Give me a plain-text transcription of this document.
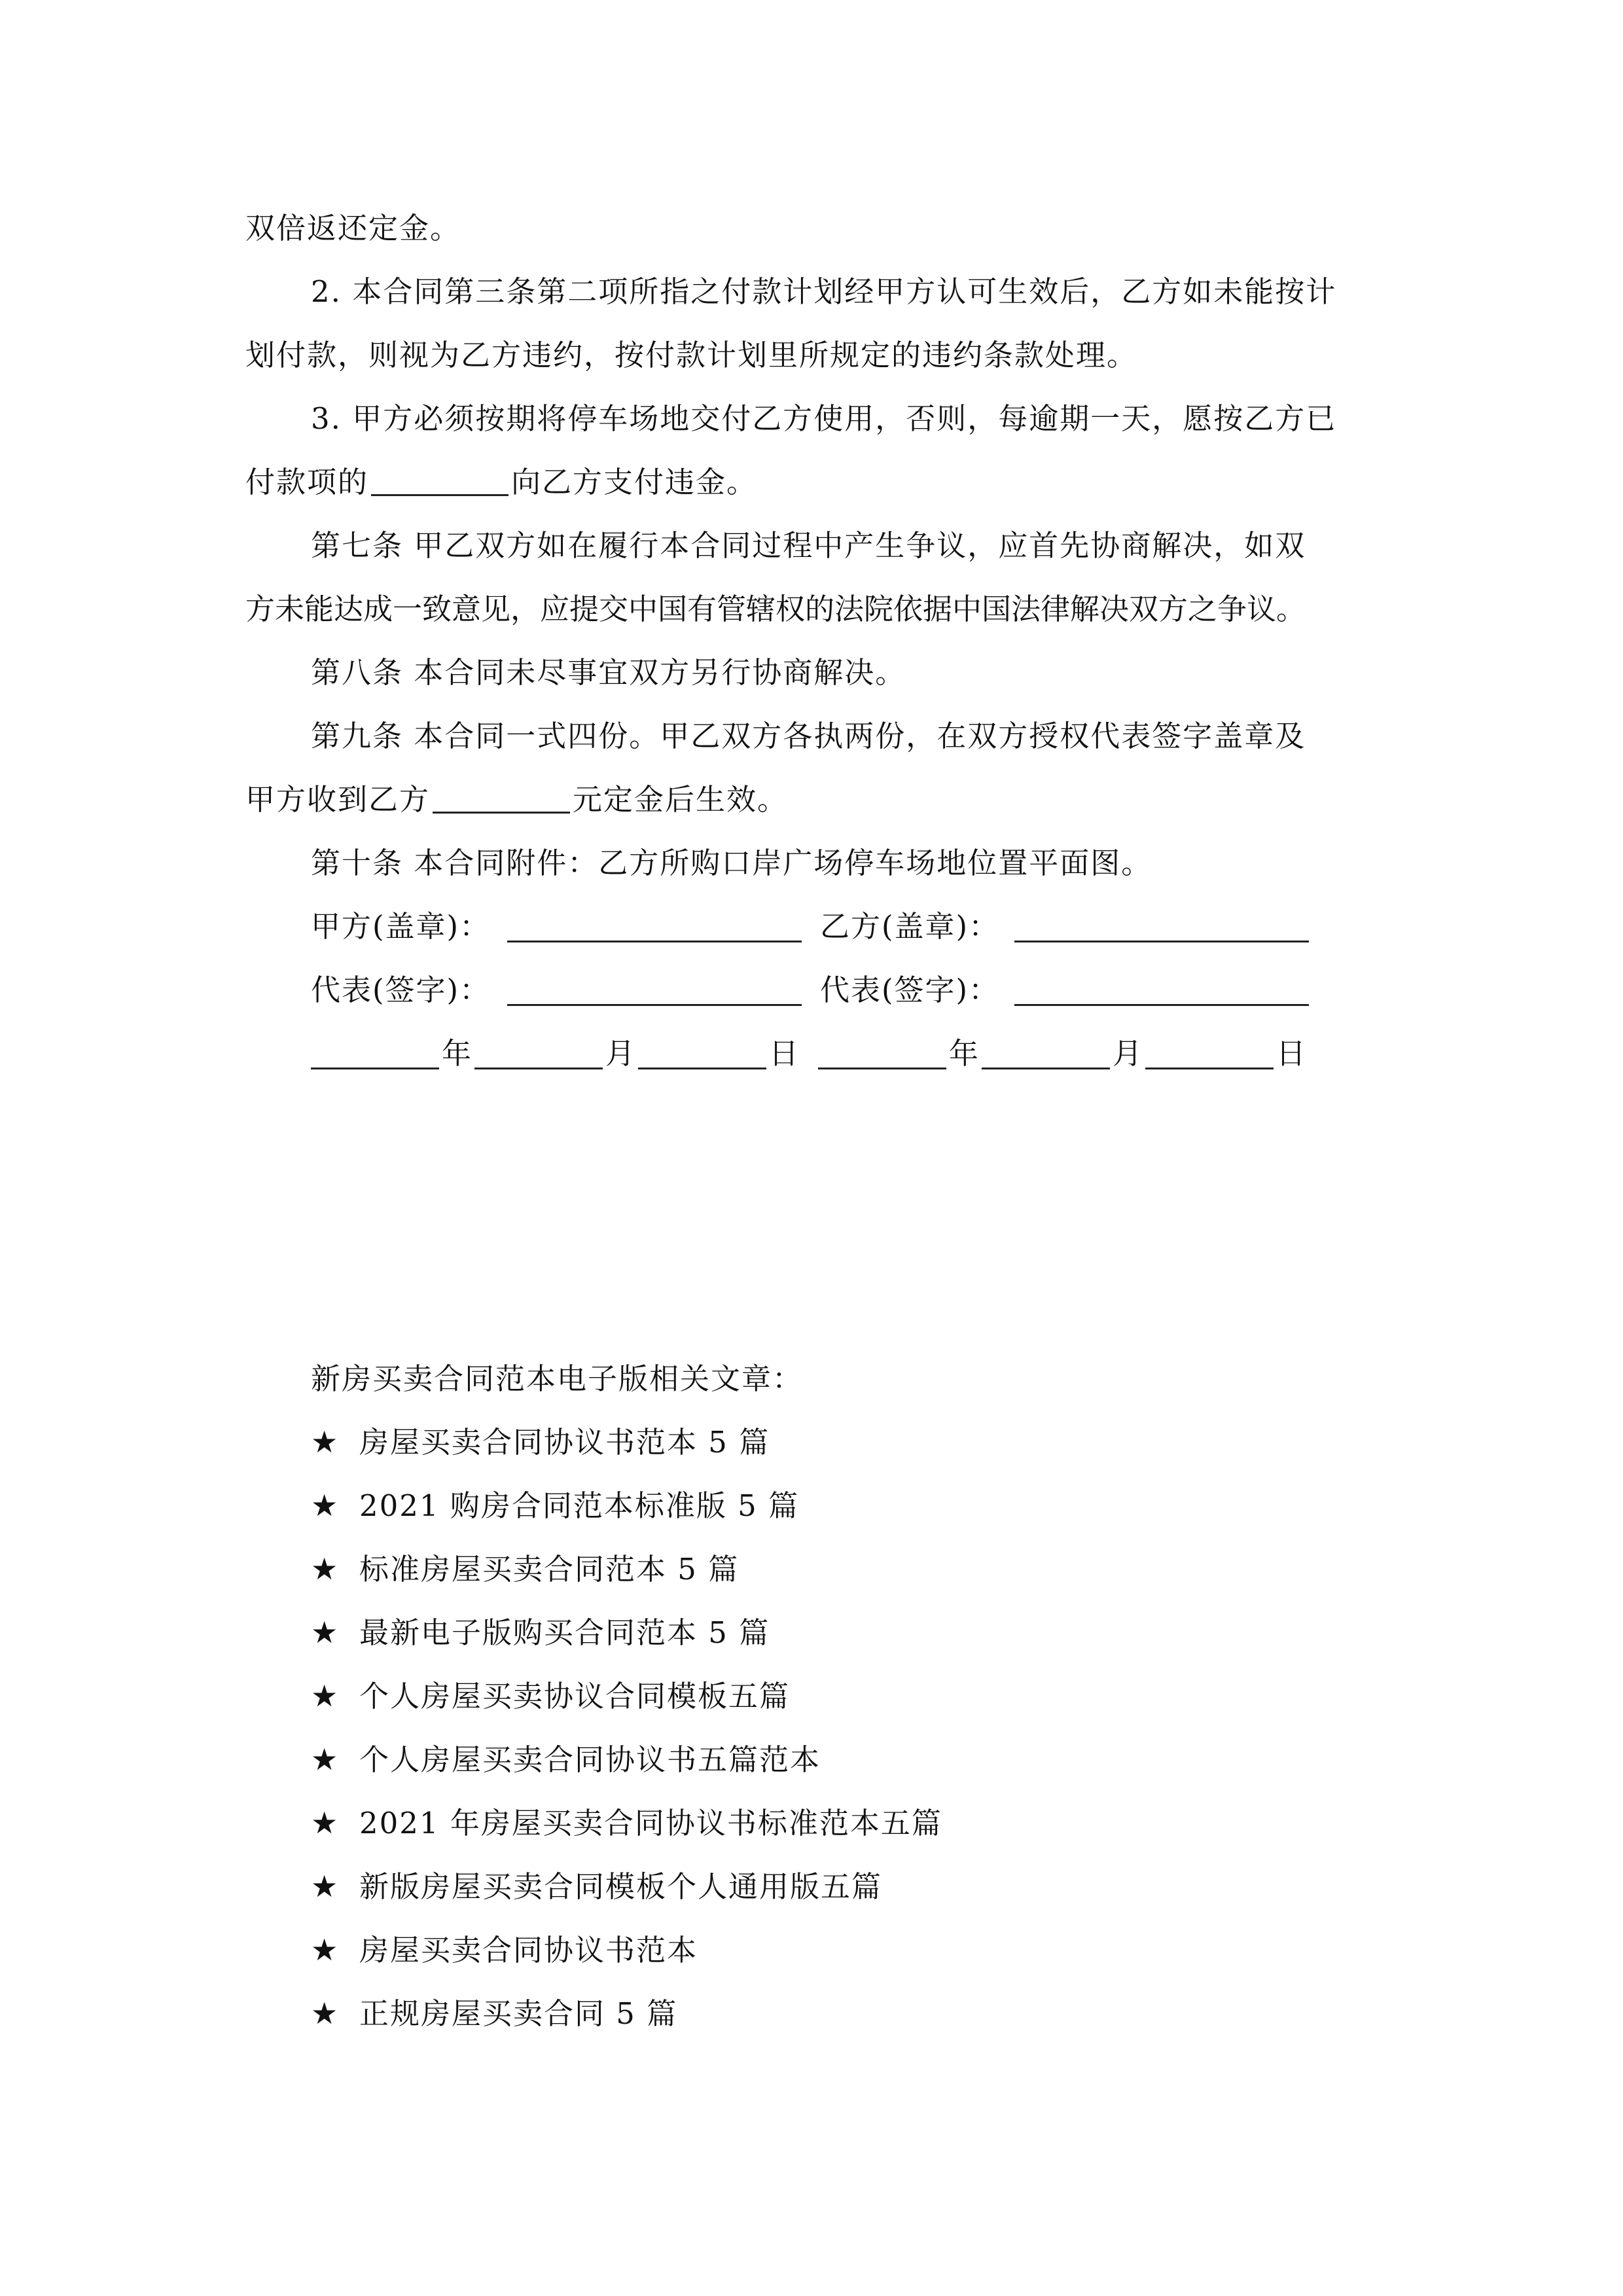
双倍返还定金。

2. 本合同第三条第二项所指之付款计划经甲方认可生效后，乙方如未能按计
划付款，则视为乙方违约，按付款计划里所规定的违约条款处理。

3. 甲方必须按期将停车场地交付乙方使用，否则，每逾期一天，愿按乙方已
付款项的	向乙方支付违金。

第七条 甲乙双方如在履行本合同过程中产生争议，应首先协商解决，如双
方未能达成一致意见，应提交中国有管辖权的法院依据中国法律解决双方之争议。

第八条 本合同未尽事宜双方另行协商解决。

第九条 本合同一式四份。甲乙双方各执两份，在双方授权代表签字盖章及
甲方收到乙方	元定金后生效。

第十条 本合同附件：乙方所购口岸广场停车场地位置平面图。

甲方(盖章)：	乙方(盖章)：
代表(签字)：	代表(签字)：
年	月	日	年	月	日
新房买卖合同范本电子版相关文章：
★ 房屋买卖合同协议书范本 5 篇
★ 2021 购房合同范本标准版 5 篇
★ 标准房屋买卖合同范本 5 篇
★ 最新电子版购买合同范本 5 篇
★ 个人房屋买卖协议合同模板五篇
★ 个人房屋买卖合同协议书五篇范本
★ 2021 年房屋买卖合同协议书标准范本五篇
★ 新版房屋买卖合同模板个人通用版五篇
★ 房屋买卖合同协议书范本
★ 正规房屋买卖合同 5 篇
